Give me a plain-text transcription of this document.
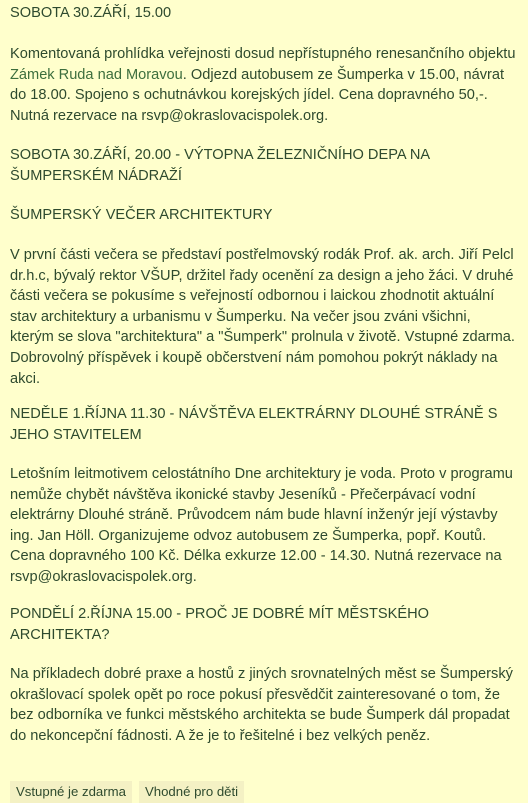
SOBOTA 30.ZÁŘÍ, 15.00

Komentovaná prohlídka veřejnosti dosud nepřístupného renesančního objektu Zámek Ruda nad Moravou. Odjezd autobusem ze Šumperka v 15.00, návrat do 18.00. Spojeno s ochutnávkou korejských jídel. Cena dopravného 50,-. Nutná rezervace na rsvp@okraslovacispolek.org.

SOBOTA 30.ZÁŘÍ, 20.00 - VÝTOPNA ŽELEZNIČNÍHO DEPA NA ŠUMPERSKÉM NÁDRAŽÍ

ŠUMPERSKÝ VEČER ARCHITEKTURY

V první části večera se představí postřelmovský rodák Prof. ak. arch. Jiří Pelcl dr.h.c, bývalý rektor VŠUP, držitel řady ocenění za design a jeho žáci. V druhé části večera se pokusíme s veřejností odbornou i laickou zhodnotit aktuální stav architektury a urbanismu v Šumperku. Na večer jsou zváni všichni, kterým se slova "architektura" a "Šumperk" prolnula v životě. Vstupné zdarma. Dobrovolný příspěvek i koupě občerstvení nám pomohou pokrýt náklady na akci.

NEDĚLE 1.ŘÍJNA 11.30 - NÁVŠTĚVA ELEKTRÁRNY DLOUHÉ STRÁNĚ S JEHO STAVITELEM

Letošním leitmotivem celostátního Dne architektury je voda. Proto v programu nemůže chybět návštěva ikonické stavby Jeseníků - Přečerpávací vodní elektrárny Dlouhé stráně. Průvodcem nám bude hlavní inženýr její výstavby ing. Jan Höll. Organizujeme odvoz autobusem ze Šumperka, popř. Koutů. Cena dopravného 100 Kč. Délka exkurze 12.00 - 14.30. Nutná rezervace na rsvp@okraslovacispolek.org.

PONDĚLÍ 2.ŘÍJNA 15.00 - PROČ JE DOBRÉ MÍT MĚSTSKÉHO ARCHITEKTA?

Na příkladech dobré praxe a hostů z jiných srovnatelných měst se Šumperský okrašlovací spolek opět po roce pokusí přesvědčit zainteresované o tom, že bez odborníka ve funkci městského architekta se bude Šumperk dál propadat do nekoncepční fádnosti. A že je to řešitelné i bez velkých peněz.

Vstupné je zdarma	Vhodné pro děti
